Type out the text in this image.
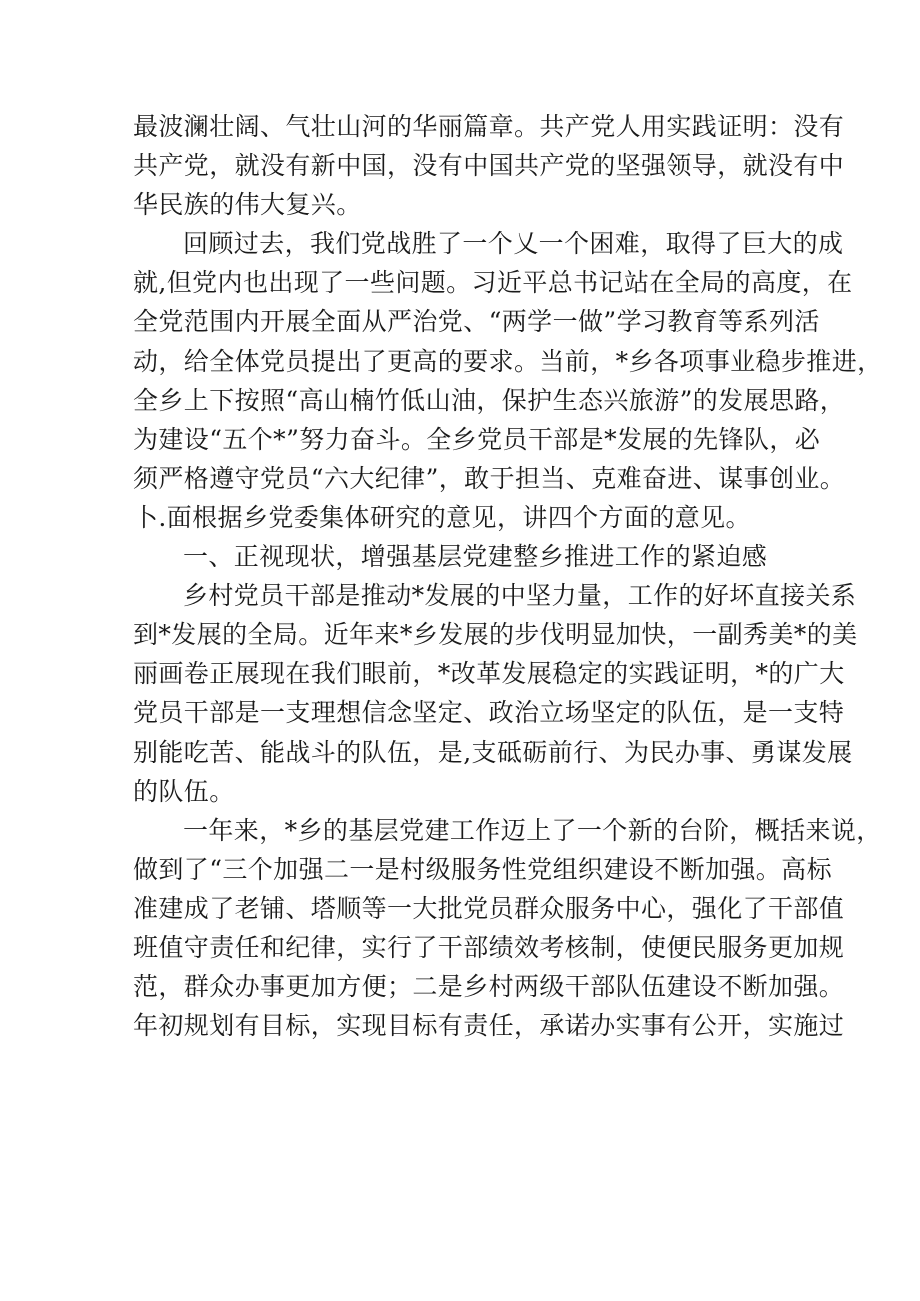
最波澜壮阔、气壮山河的华丽篇章。共产党人用实践证明：没有
共产党，就没有新中国，没有中国共产党的坚强领导，就没有中
华民族的伟大复兴。
回顾过去，我们党战胜了一个乂一个困难，取得了巨大的成
就,但党内也出现了一些问题。习近平总书记站在全局的高度，在
全党范围内开展全面从严治党、“两学一做”学习教育等系列活
动，给全体党员提出了更高的要求。当前，*乡各项事业稳步推进，
全乡上下按照“高山楠竹低山油，保护生态兴旅游”的发展思路，
为建设“五个*”努力奋斗。全乡党员干部是*发展的先锋队，必
须严格遵守党员“六大纪律”，敢于担当、克难奋进、谋事创业。
卜.面根据乡党委集体研究的意见，讲四个方面的意见。
一、正视现状，增强基层党建整乡推进工作的紧迫感
乡村党员干部是推动*发展的中坚力量，工作的好坏直接关系
到*发展的全局。近年来*乡发展的步伐明显加快，一副秀美*的美
丽画卷正展现在我们眼前，*改革发展稳定的实践证明，*的广大
党员干部是一支理想信念坚定、政治立场坚定的队伍，是一支特
别能吃苦、能战斗的队伍，是,支砥砺前行、为民办事、勇谋发展
的队伍。
一年来，*乡的基层党建工作迈上了一个新的台阶，概括来说，
做到了“三个加强二一是村级服务性党组织建设不断加强。高标
准建成了老铺、塔顺等一大批党员群众服务中心，强化了干部值
班值守责任和纪律，实行了干部绩效考核制，使便民服务更加规
范，群众办事更加方便；二是乡村两级干部队伍建设不断加强。
年初规划有目标，实现目标有责任，承诺办实事有公开，实施过
